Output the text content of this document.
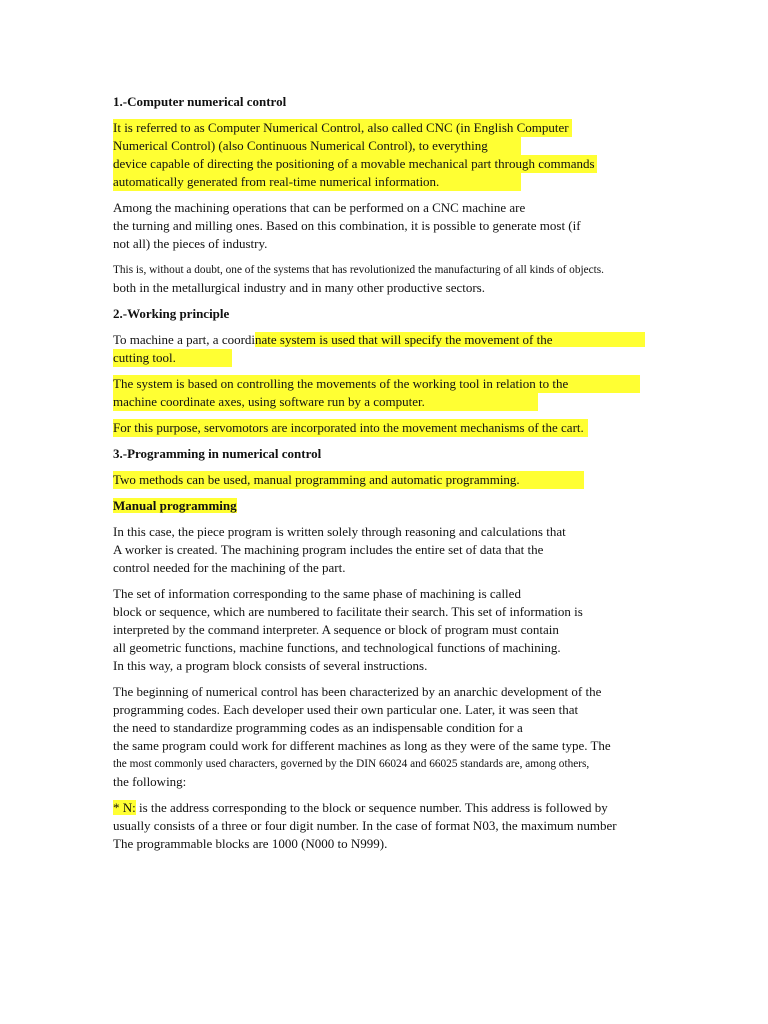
1.-Computer numerical control
It is referred to as Computer Numerical Control, also called CNC (in English Computer
Numerical Control) (also Continuous Numerical Control), to everything
device capable of directing the positioning of a movable mechanical part through commands
automatically generated from real-time numerical information.
Among the machining operations that can be performed on a CNC machine are
the turning and milling ones. Based on this combination, it is possible to generate most (if
not all) the pieces of industry.
This is, without a doubt, one of the systems that has revolutionized the manufacturing of all kinds of objects.
both in the metallurgical industry and in many other productive sectors.
2.-Working principle
To machine a part, a coordinate system is used that will specify the movement of the
cutting tool.
The system is based on controlling the movements of the working tool in relation to the
machine coordinate axes, using software run by a computer.
For this purpose, servomotors are incorporated into the movement mechanisms of the cart.
3.-Programming in numerical control
Two methods can be used, manual programming and automatic programming.
Manual programming
In this case, the piece program is written solely through reasoning and calculations that
A worker is created. The machining program includes the entire set of data that the
control needed for the machining of the part.
The set of information corresponding to the same phase of machining is called
block or sequence, which are numbered to facilitate their search. This set of information is
interpreted by the command interpreter. A sequence or block of program must contain
all geometric functions, machine functions, and technological functions of machining.
In this way, a program block consists of several instructions.
The beginning of numerical control has been characterized by an anarchic development of the
programming codes. Each developer used their own particular one. Later, it was seen that
the need to standardize programming codes as an indispensable condition for a
the same program could work for different machines as long as they were of the same type. The
the most commonly used characters, governed by the DIN 66024 and 66025 standards are, among others,
the following:
* N: is the address corresponding to the block or sequence number. This address is followed by
usually consists of a three or four digit number. In the case of format N03, the maximum number
The programmable blocks are 1000 (N000 to N999).
